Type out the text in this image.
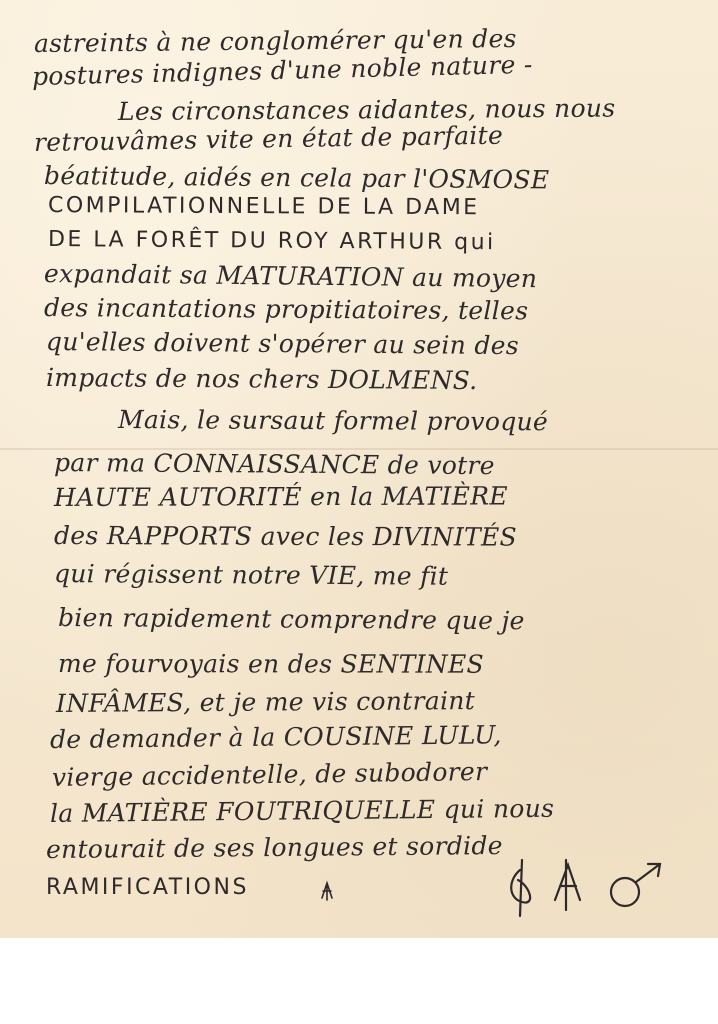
astreints à ne conglomérer qu'en des
postures indignes d'une noble nature -
Les circonstances aidantes, nous nous
retrouvâmes vite en état de parfaite
béatitude, aidés en cela par l'OSMOSE
COMPILATIONNELLE DE LA DAME
DE LA FORÊT DU ROY ARTHUR qui
expandait sa MATURATION au moyen
des incantations propitiatoires, telles
qu'elles doivent s'opérer au sein des
impacts de nos chers DOLMENS.
Mais, le sursaut formel provoqué
par ma CONNAISSANCE de votre
HAUTE AUTORITÉ en la MATIÈRE
des RAPPORTS avec les DIVINITÉS
qui régissent notre VIE, me fit
bien rapidement comprendre que je
me fourvoyais en des SENTINES
INFÂMES, et je me vis contraint
de demander à la COUSINE LULU,
vierge accidentelle, de subodorer
la MATIÈRE FOUTRIQUELLE qui nous
entourait de ses longues et sordide
RAMIFICATIONS
